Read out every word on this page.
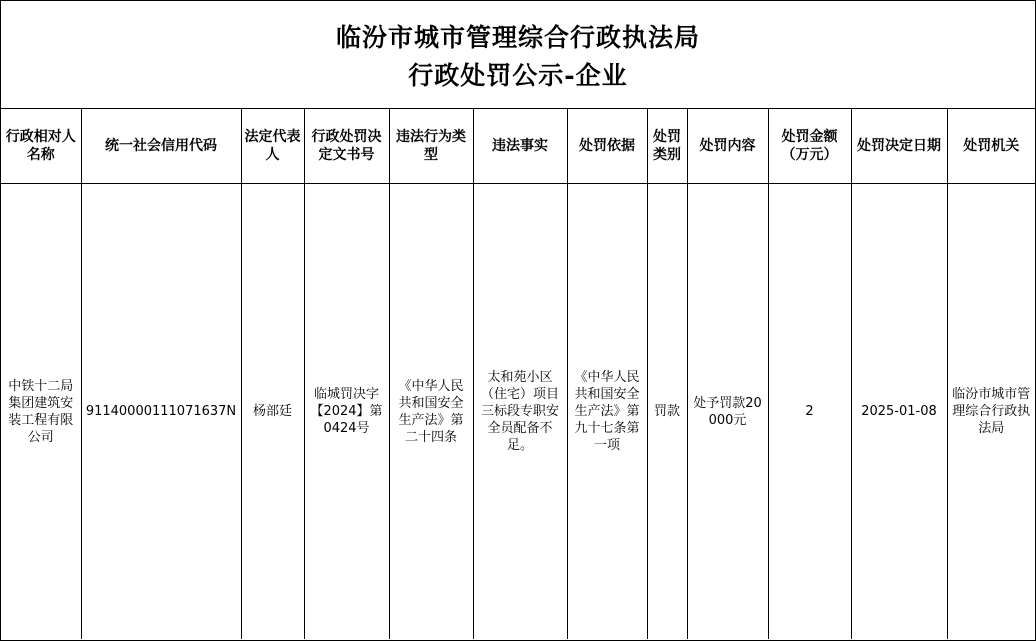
临汾市城市管理综合行政执法局
行政处罚公示-企业
行政相对人名称	统一社会信用代码	法定代表人	行政处罚决定文书号	违法行为类型	违法事实	处罚依据	处罚类别	处罚内容	处罚金额（万元）	处罚决定日期	处罚机关
中铁十二局集团建筑安装工程有限公司	91140000111071637N	杨部廷	临城罚决字【2024】第0424号	《中华人民共和国安全生产法》第二十四条	太和苑小区（住宅）项目三标段专职安全员配备不足。	《中华人民共和国安全生产法》第九十七条第一项	罚款	处予罚款20000元	2	2025-01-08	临汾市城市管理综合行政执法局
